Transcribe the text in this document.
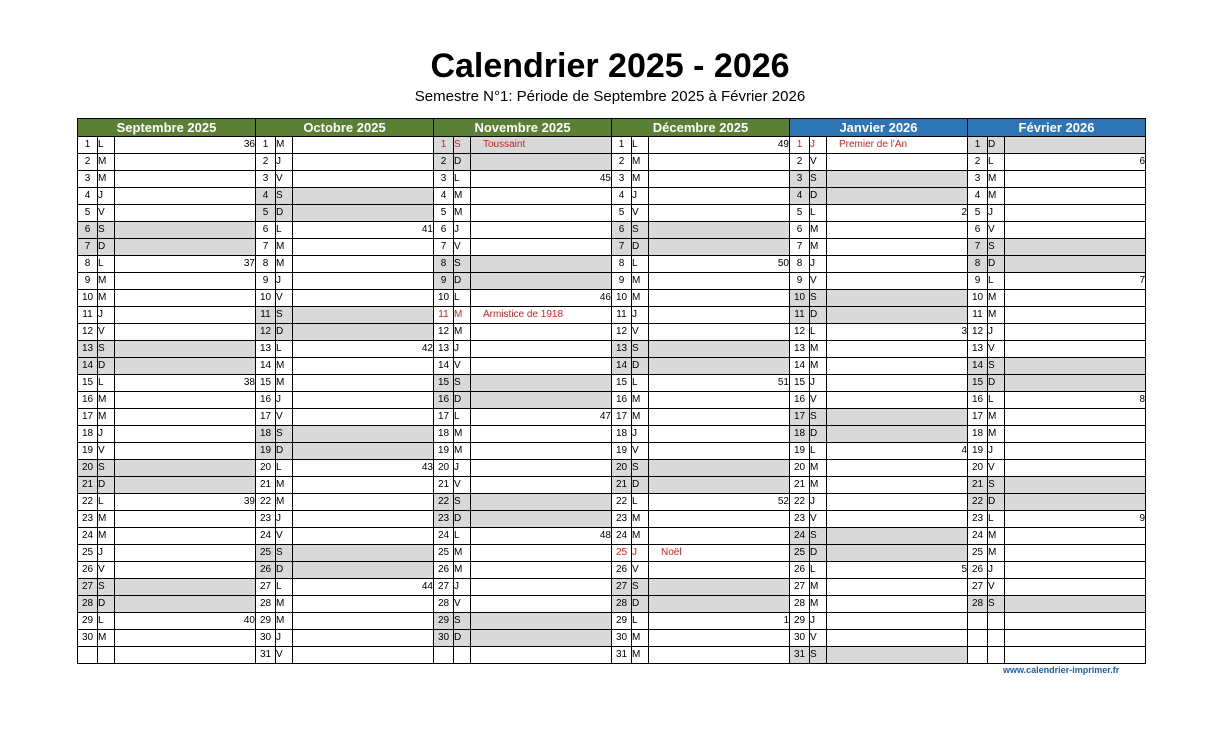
Calendrier 2025 - 2026
Semestre N°1: Période de Septembre 2025 à Février 2026
Septembre 2025			Octobre 2025			Novembre 2025			Décembre 2025			Janvier 2026			Février 2026		
1	L	36	1	M		1	S	Toussaint	1	L	49	1	J	Premier de l'An	1	D	
2	M		2	J		2	D		2	M		2	V		2	L	6
3	M		3	V		3	L	45	3	M		3	S		3	M	
4	J		4	S		4	M		4	J		4	D		4	M	
5	V		5	D		5	M		5	V		5	L	2	5	J	
6	S		6	L	41	6	J		6	S		6	M		6	V	
7	D		7	M		7	V		7	D		7	M		7	S	
8	L	37	8	M		8	S		8	L	50	8	J		8	D	
9	M		9	J		9	D		9	M		9	V		9	L	7
10	M		10	V		10	L	46	10	M		10	S		10	M	
11	J		11	S		11	M	Armistice de 1918	11	J		11	D		11	M	
12	V		12	D		12	M		12	V		12	L	3	12	J	
13	S		13	L	42	13	J		13	S		13	M		13	V	
14	D		14	M		14	V		14	D		14	M		14	S	
15	L	38	15	M		15	S		15	L	51	15	J		15	D	
16	M		16	J		16	D		16	M		16	V		16	L	8
17	M		17	V		17	L	47	17	M		17	S		17	M	
18	J		18	S		18	M		18	J		18	D		18	M	
19	V		19	D		19	M		19	V		19	L	4	19	J	
20	S		20	L	43	20	J		20	S		20	M		20	V	
21	D		21	M		21	V		21	D		21	M		21	S	
22	L	39	22	M		22	S		22	L	52	22	J		22	D	
23	M		23	J		23	D		23	M		23	V		23	L	9
24	M		24	V		24	L	48	24	M		24	S		24	M	
25	J		25	S		25	M		25	J	Noël	25	D		25	M	
26	V		26	D		26	M		26	V		26	L	5	26	J	
27	S		27	L	44	27	J		27	S		27	M		27	V	
28	D		28	M		28	V		28	D		28	M		28	S	
29	L	40	29	M		29	S		29	L	1	29	J				
30	M		30	J		30	D		30	M		30	V				
			31	V					31	M		31	S				
www.calendrier-imprimer.fr
